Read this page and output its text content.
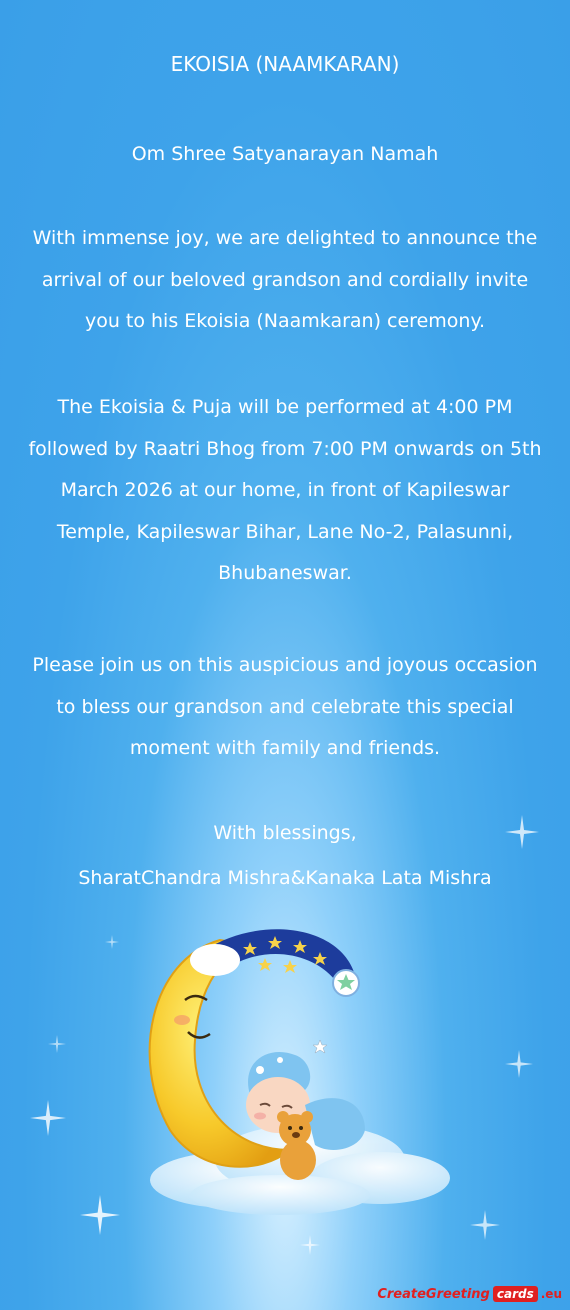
EKOISIA (NAAMKARAN)
Om Shree Satyanarayan Namah
With immense joy, we are delighted to announce the arrival of our beloved grandson and cordially invite you to his Ekoisia (Naamkaran) ceremony.
The Ekoisia & Puja will be performed at 4:00 PM followed by Raatri Bhog from 7:00 PM onwards on 5th March 2026 at our home, in front of Kapileswar Temple, Kapileswar Bihar, Lane No-2, Palasunni, Bhubaneswar.
Please join us on this auspicious and joyous occasion to bless our grandson and celebrate this special moment with family and friends.
With blessings,
SharatChandra Mishra&Kanaka Lata Mishra
CreateGreeting cards .eu
